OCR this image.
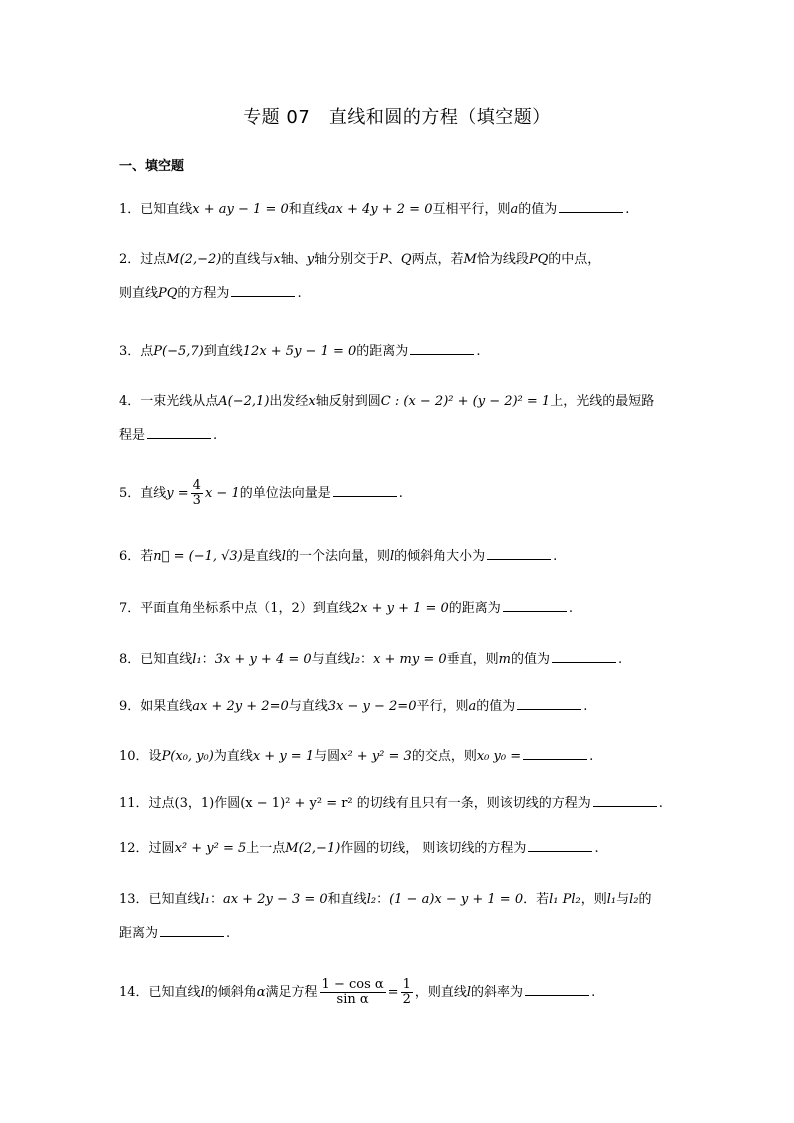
专题 07　直线和圆的方程（填空题）
一、填空题
1．已知直线x + ay − 1 = 0和直线ax + 4y + 2 = 0互相平行，则a的值为	.
2．过点M(2,−2)的直线与x轴、y轴分别交于P、Q两点，若M恰为线段PQ的中点，
则直线PQ的方程为	.
3．点P(−5,7)到直线12x + 5y − 1 = 0的距离为	.
4．一束光线从点A(−2,1)出发经x轴反射到圆C : (x − 2)² + (y − 2)² = 1上，光线的最短路
程是	.
5．直线$y = \frac{4}{3}$ x − 1的单位法向量是	.
6．若n⃗ = (−1, √3)是直线l的一个法向量，则l的倾斜角大小为	.
7．平面直角坐标系中点（1，2）到直线2x + y + 1 = 0的距离为	.
8．已知直线l₁：3x + y + 4 = 0与直线l₂：x + my = 0垂直，则m的值为	.
9．如果直线ax + 2y + 2=0与直线3x − y − 2=0平行，则a的值为	.
10．设P(x₀, y₀)为直线x + y = 1与圆x² + y² = 3的交点，则x₀ y₀ =	.
11．过点(3，1)作圆(x − 1)² + y² = r² 的切线有且只有一条，则该切线的方程为	.
12．过圆x² + y² = 5上一点M(2,−1)作圆的切线， 则该切线的方程为	.
13．已知直线l₁：ax + 2y − 3 = 0和直线l₂：(1 − a)x − y + 1 = 0．若l₁ Pl₂，则l₁与l₂的
距离为	.
14．已知直线l的倾斜角α满足方程 $\frac{\text{1 − cos α}}{\text{sin α}} = \frac{1}{2}$ ，则直线l的斜率为	.
